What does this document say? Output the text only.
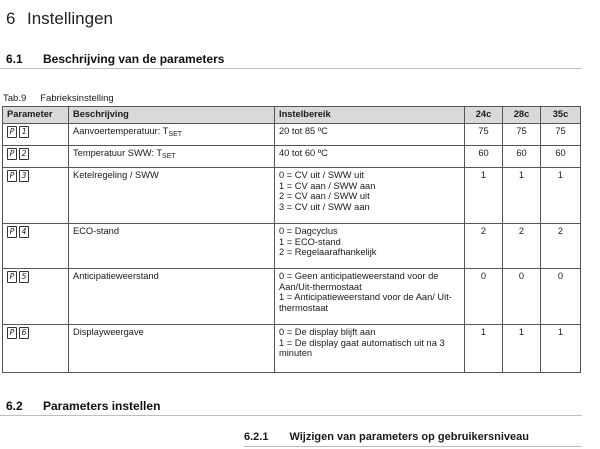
6 Instellingen
6.1 Beschrijving van de parameters
Tab.9 Fabrieksinstelling
Parameter	Beschrijving	Instelbereik	24c	28c	35c

P 1	Aanvoertemperatuur: $T_{SET}$	20 tot 85 ºC	75	75	75

P 2	Temperatuur SWW: $T_{SET}$	40 tot 60 ºC	60	60	60

P 3	Ketelregeling / SWW	0 = CV uit / SWW uit
1 = CV aan / SWW aan
2 = CV aan / SWW uit
3 = CV uit / SWW aan	1	1	1

P 4	ECO-stand	0 = Dagcyclus
1 = ECO-stand
2 = Regelaarafhankelijk	2	2	2

P 5	Anticipatieweerstand	0 = Geen anticipatieweerstand voor de Aan/Uit-thermostaat
1 = Anticipatieweerstand voor de Aan/ Uit-thermostaat	0	0	0

P 6	Displayweergave	0 = De display blijft aan
1 = De display gaat automatisch uit na 3 minuten	1	1	1
6.2 Parameters instellen
6.2.1 Wijzigen van parameters op gebruikersniveau
